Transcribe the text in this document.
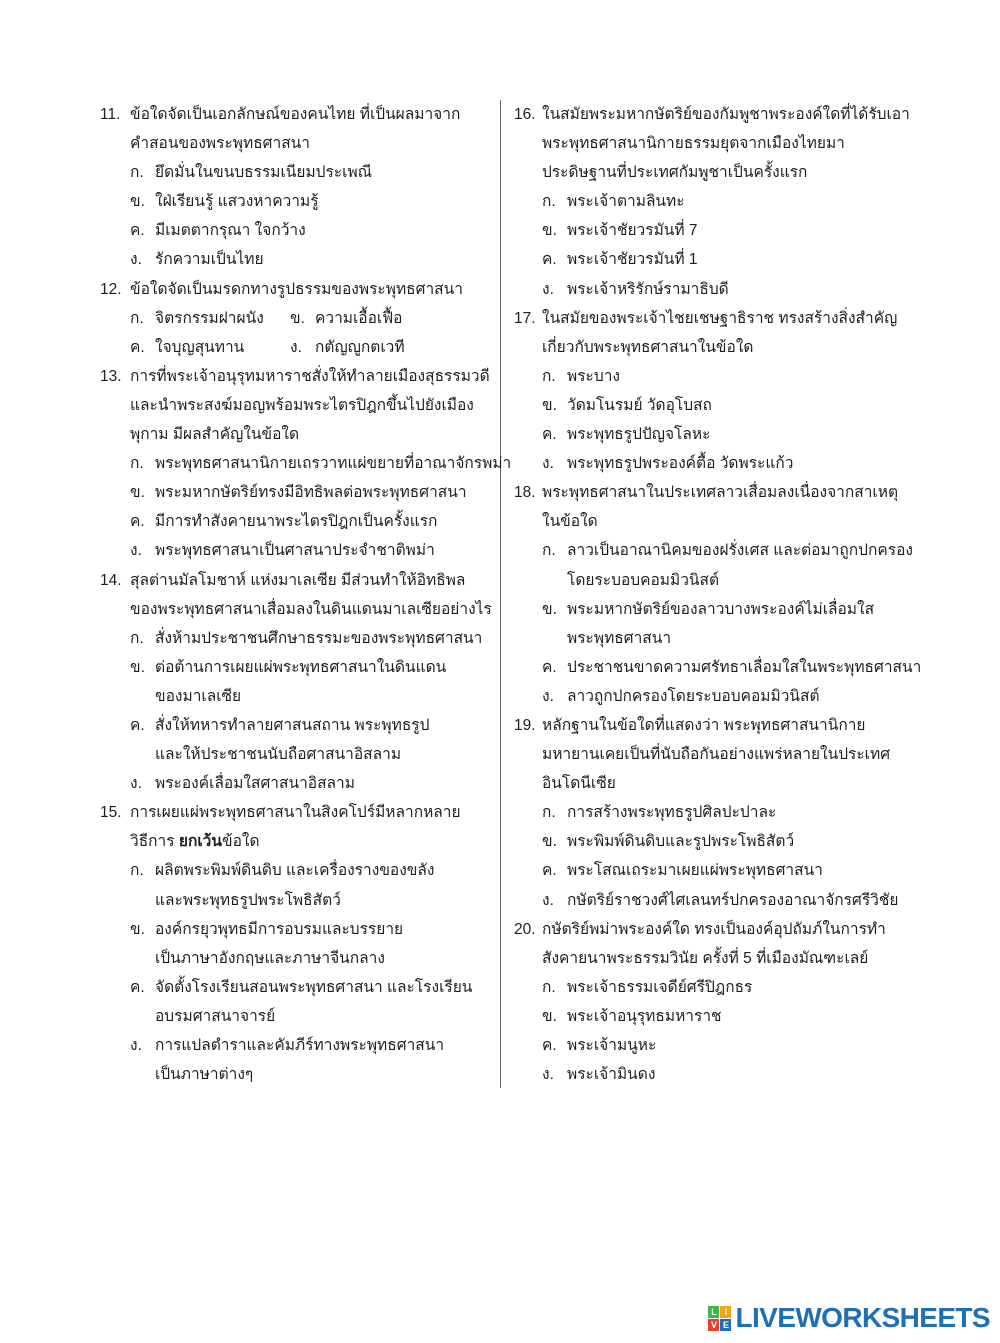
11. ข้อใดจัดเป็นเอกลักษณ์ของคนไทย ที่เป็นผลมาจาก
คำสอนของพระพุทธศาสนา
ก. ยึดมั่นในขนบธรรมเนียมประเพณี
ข. ใฝ่เรียนรู้ แสวงหาความรู้
ค. มีเมตตากรุณา ใจกว้าง
ง. รักความเป็นไทย
12. ข้อใดจัดเป็นมรดกทางรูปธรรมของพระพุทธศาสนา
ก. จิตรกรรมฝาผนัง ข. ความเอื้อเฟื้อ
ค. ใจบุญสุนทาน	ง. กตัญญูกตเวที
13. การที่พระเจ้าอนุรุทมหาราชสั่งให้ทำลายเมืองสุธรรมวดี
และนำพระสงฆ์มอญพร้อมพระไตรปิฎกขึ้นไปยังเมือง
พุกาม มีผลสำคัญในข้อใด
ก. พระพุทธศาสนานิกายเถรวาทแผ่ขยายที่อาณาจักรพม่า
ข. พระมหากษัตริย์ทรงมีอิทธิพลต่อพระพุทธศาสนา
ค. มีการทำสังคายนาพระไตรปิฎกเป็นครั้งแรก
ง. พระพุทธศาสนาเป็นศาสนาประจำชาติพม่า
14. สุลต่านมัลโมชาห์ แห่งมาเลเซีย มีส่วนทำให้อิทธิพล
ของพระพุทธศาสนาเสื่อมลงในดินแดนมาเลเซียอย่างไร
ก. สั่งห้ามประชาชนศึกษาธรรมะของพระพุทธศาสนา
ข. ต่อต้านการเผยแผ่พระพุทธศาสนาในดินแดน
ของมาเลเซีย
ค. สั่งให้ทหารทำลายศาสนสถาน พระพุทธรูป
และให้ประชาชนนับถือศาสนาอิสลาม
ง. พระองค์เลื่อมใสศาสนาอิสลาม
15. การเผยแผ่พระพุทธศาสนาในสิงคโปร์มีหลากหลาย
วิธีการ ยกเว้นข้อใด
ก. ผลิตพระพิมพ์ดินดิบ และเครื่องรางของขลัง
และพระพุทธรูปพระโพธิสัตว์
ข. องค์กรยุวพุทธมีการอบรมและบรรยาย
เป็นภาษาอังกฤษและภาษาจีนกลาง
ค. จัดตั้งโรงเรียนสอนพระพุทธศาสนา และโรงเรียน
อบรมศาสนาจารย์
ง. การแปลตำราและคัมภีร์ทางพระพุทธศาสนา
เป็นภาษาต่างๆ
16. ในสมัยพระมหากษัตริย์ของกัมพูชาพระองค์ใดที่ได้รับเอา
พระพุทธศาสนานิกายธรรมยุตจากเมืองไทยมา
ประดิษฐานที่ประเทศกัมพูชาเป็นครั้งแรก
ก. พระเจ้าตามลินทะ
ข. พระเจ้าชัยวรมันที่ 7
ค. พระเจ้าชัยวรมันที่ 1
ง. พระเจ้าหริรักษ์รามาธิบดี
17. ในสมัยของพระเจ้าไชยเชษฐาธิราช ทรงสร้างสิ่งสำคัญ
เกี่ยวกับพระพุทธศาสนาในข้อใด
ก. พระบาง
ข. วัดมโนรมย์ วัดอุโบสถ
ค. พระพุทธรูปปัญจโลหะ
ง. พระพุทธรูปพระองค์ตื้อ วัดพระแก้ว
18. พระพุทธศาสนาในประเทศลาวเสื่อมลงเนื่องจากสาเหตุ
ในข้อใด
ก. ลาวเป็นอาณานิคมของฝรั่งเศส และต่อมาถูกปกครอง
โดยระบอบคอมมิวนิสต์
ข. พระมหากษัตริย์ของลาวบางพระองค์ไม่เลื่อมใส
พระพุทธศาสนา
ค. ประชาชนขาดความศรัทธาเลื่อมใสในพระพุทธศาสนา
ง. ลาวถูกปกครองโดยระบอบคอมมิวนิสต์
19. หลักฐานในข้อใดที่แสดงว่า พระพุทธศาสนานิกาย
มหายานเคยเป็นที่นับถือกันอย่างแพร่หลายในประเทศ
อินโดนีเซีย
ก. การสร้างพระพุทธรูปศิลปะปาละ
ข. พระพิมพ์ดินดิบและรูปพระโพธิสัตว์
ค. พระโสณเถระมาเผยแผ่พระพุทธศาสนา
ง. กษัตริย์ราชวงศ์ไศเลนทร์ปกครองอาณาจักรศรีวิชัย
20. กษัตริย์พม่าพระองค์ใด ทรงเป็นองค์อุปถัมภ์ในการทำ
สังคายนาพระธรรมวินัย ครั้งที่ 5 ที่เมืองมัณฑะเลย์
ก. พระเจ้าธรรมเจดีย์ศรีปิฎกธร
ข. พระเจ้าอนุรุทธมหาราช
ค. พระเจ้ามนูหะ
ง. พระเจ้ามินดง
L I
V E LIVEWORKSHEETS
